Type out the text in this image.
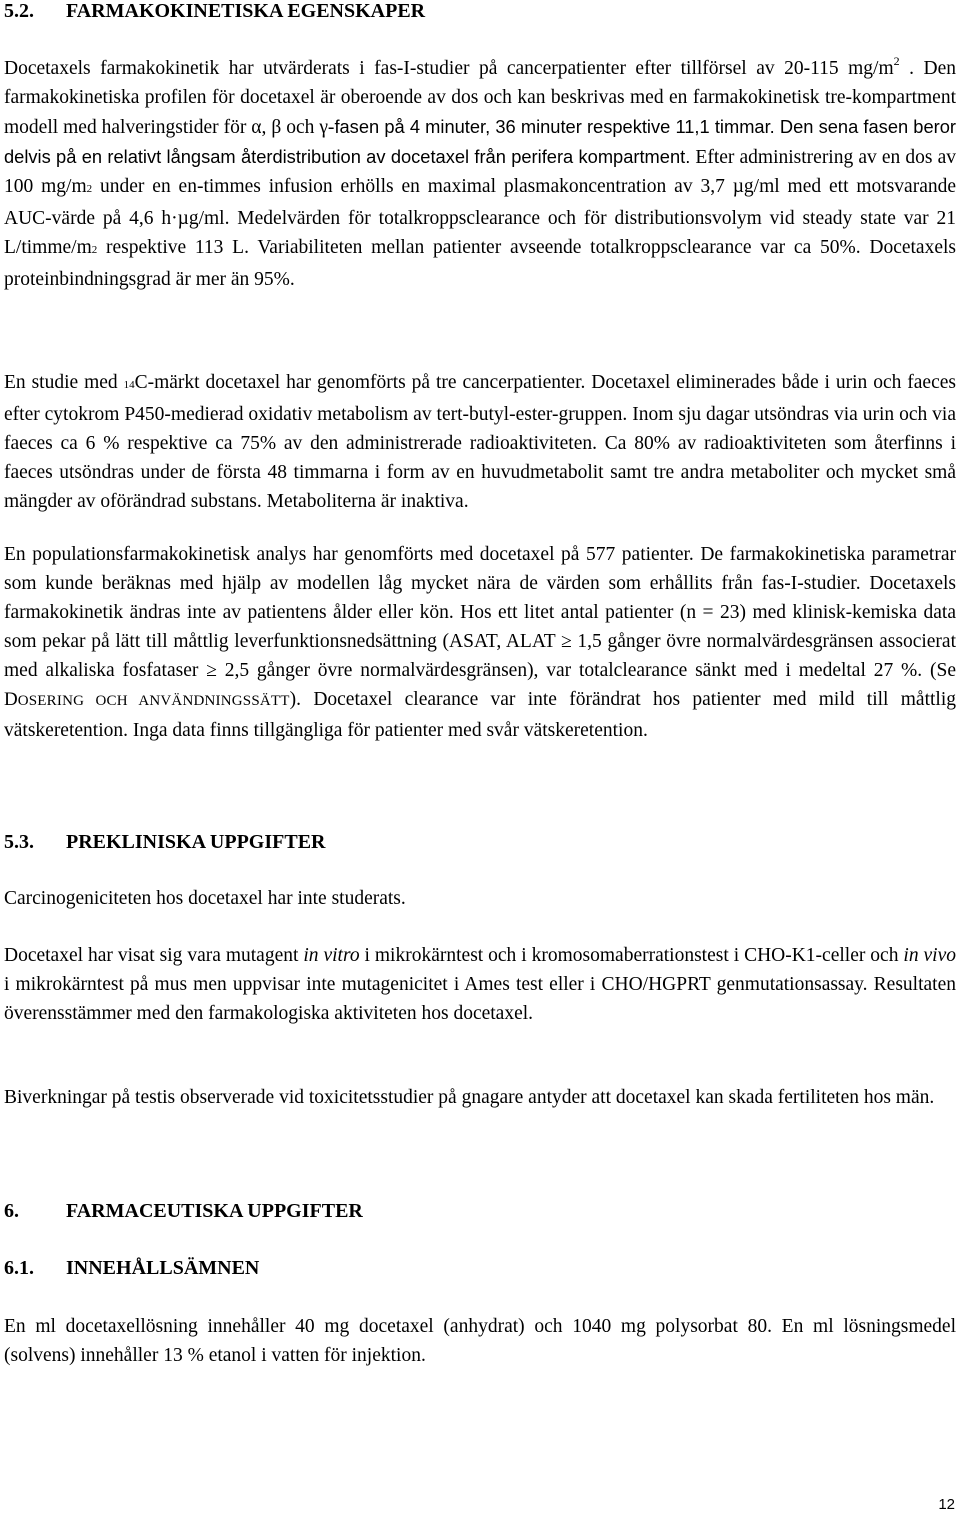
5.2.	FARMAKOKINETISKA EGENSKAPER

Docetaxels farmakokinetik har utvärderats i fas-I-studier på cancerpatienter efter tillförsel av 20-115 $mg/m^2$ . Den farmakokinetiska profilen för docetaxel är oberoende av dos och kan beskrivas med en farmakokinetisk tre-kompartment modell med halveringstider för α, β och γ-fasen på 4 minuter, 36 minuter respektive 11,1 timmar. Den sena fasen beror delvis på en relativt långsam återdistribution av docetaxel från perifera kompartment. Efter administrering av en dos av 100 mg/m2 under en en-timmes infusion erhölls en maximal plasmakoncentration av 3,7 µg/ml med ett motsvarande AUC-värde på 4,6 h·µg/ml. Medelvärden för totalkroppsclearance och för distributionsvolym vid steady state var 21 L/timme/m2 respektive 113 L. Variabiliteten mellan patienter avseende totalkroppsclearance var ca 50%. Docetaxels proteinbindningsgrad är mer än 95%.

En studie med 14C-märkt docetaxel har genomförts på tre cancerpatienter. Docetaxel eliminerades både i urin och faeces efter cytokrom P450-medierad oxidativ metabolism av tert-butyl-ester-gruppen. Inom sju dagar utsöndras via urin och via faeces ca 6 % respektive ca 75% av den administrerade radioaktiviteten. Ca 80% av radioaktiviteten som återfinns i faeces utsöndras under de första 48 timmarna i form av en huvudmetabolit samt tre andra metaboliter och mycket små mängder av oförändrad substans. Metaboliterna är inaktiva.

En populationsfarmakokinetisk analys har genomförts med docetaxel på 577 patienter. De farmakokinetiska parametrar som kunde beräknas med hjälp av modellen låg mycket nära de värden som erhållits från fas-I-studier. Docetaxels farmakokinetik ändras inte av patientens ålder eller kön. Hos ett litet antal patienter (n = 23) med klinisk-kemiska data som pekar på lätt till måttlig leverfunktionsnedsättning (ASAT, ALAT ≥ 1,5 gånger övre normalvärdesgränsen associerat med alkaliska fosfataser ≥ 2,5 gånger övre normalvärdesgränsen), var totalclearance sänkt med i medeltal 27 %. (Se DOSERING OCH ANVÄNDNINGSSÄTT). Docetaxel clearance var inte förändrat hos patienter med mild till måttlig vätskeretention. Inga data finns tillgängliga för patienter med svår vätskeretention.

5.3.	PREKLINISKA UPPGIFTER

Carcinogeniciteten hos docetaxel har inte studerats.

Docetaxel har visat sig vara mutagent in vitro i mikrokärntest och i kromosomaberrationstest i CHO-K1-celler och in vivo i mikrokärntest på mus men uppvisar inte mutagenicitet i Ames test eller i CHO/HGPRT genmutationsassay. Resultaten överensstämmer med den farmakologiska aktiviteten hos docetaxel.

Biverkningar på testis observerade vid toxicitetsstudier på gnagare antyder att docetaxel kan skada fertiliteten hos män.

6.	FARMACEUTISKA UPPGIFTER
6.1.	INNEHÅLLSÄMNEN

En ml docetaxellösning innehåller 40 mg docetaxel (anhydrat) och 1040 mg polysorbat 80. En ml lösningsmedel (solvens) innehåller 13 % etanol i vatten för injektion.

12
